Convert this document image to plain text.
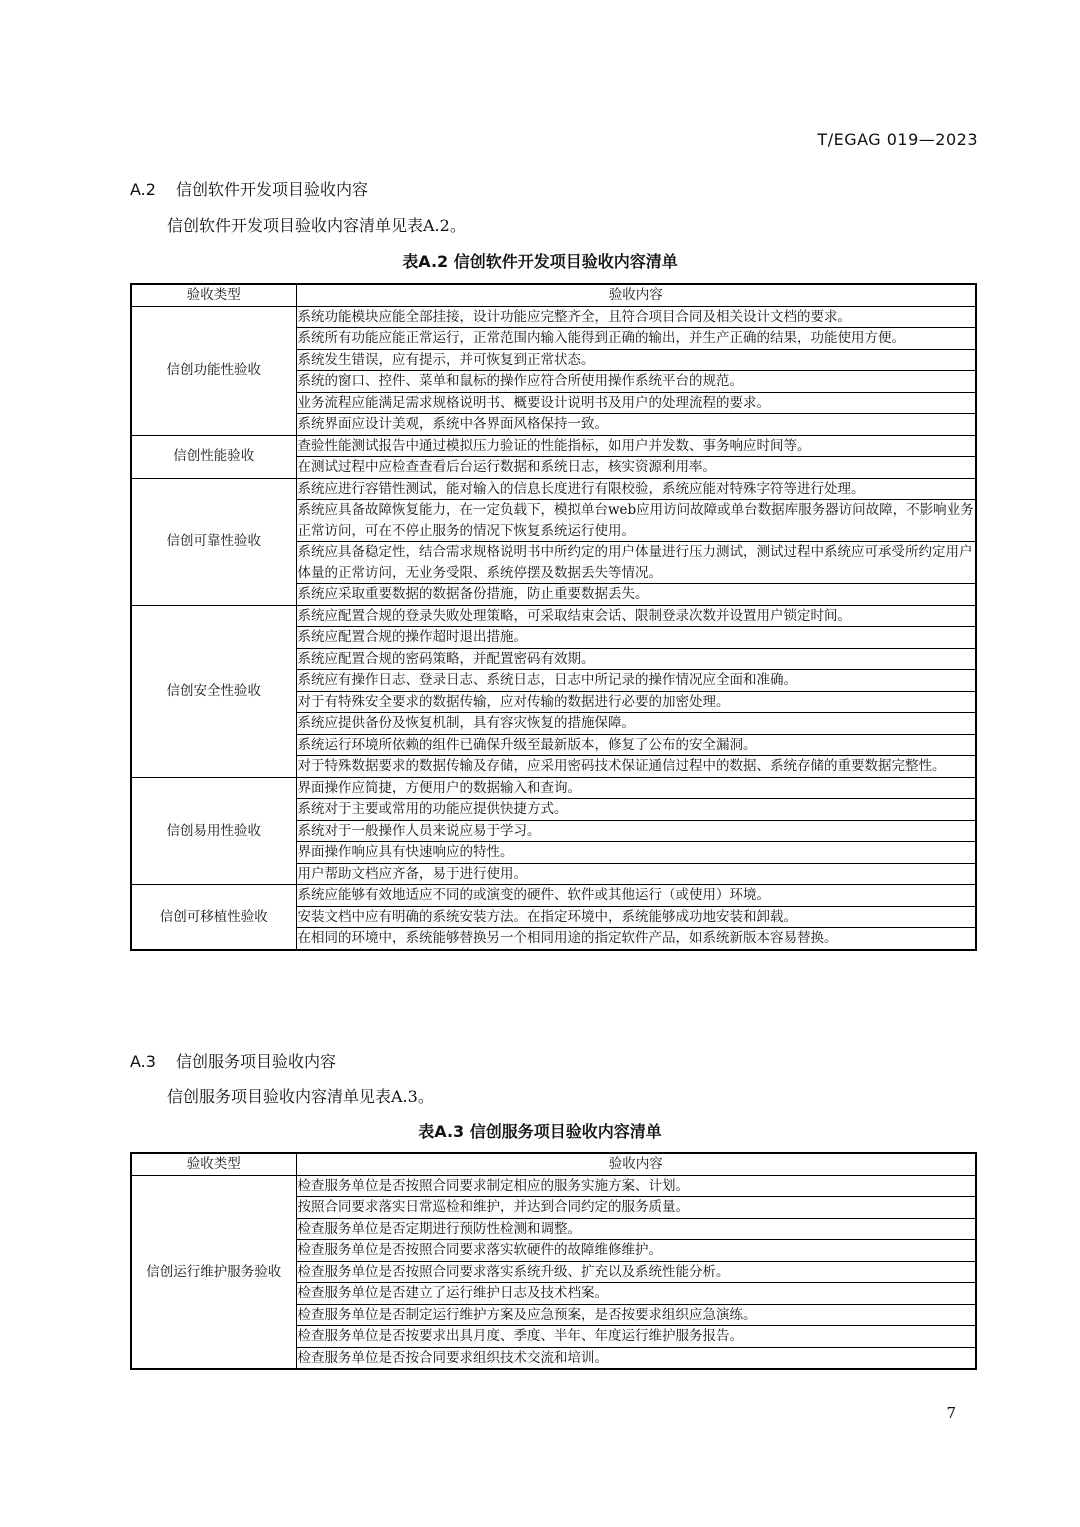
T/EGAG 019—2023
A.2 信创软件开发项目验收内容
信创软件开发项目验收内容清单见表A.2。
表A.2 信创软件开发项目验收内容清单
验收类型	验收内容
信创功能性验收	系统功能模块应能全部挂接，设计功能应完整齐全，且符合项目合同及相关设计文档的要求。
	系统所有功能应能正常运行，正常范围内输入能得到正确的输出，并生产正确的结果，功能使用方便。
	系统发生错误，应有提示，并可恢复到正常状态。
	系统的窗口、控件、菜单和鼠标的操作应符合所使用操作系统平台的规范。
	业务流程应能满足需求规格说明书、概要设计说明书及用户的处理流程的要求。
	系统界面应设计美观，系统中各界面风格保持一致。
信创性能验收	查验性能测试报告中通过模拟压力验证的性能指标，如用户并发数、事务响应时间等。
	在测试过程中应检查查看后台运行数据和系统日志，核实资源利用率。
信创可靠性验收	系统应进行容错性测试，能对输入的信息长度进行有限校验，系统应能对特殊字符等进行处理。
	系统应具备故障恢复能力，在一定负载下，模拟单台web应用访问故障或单台数据库服务器访问故障，不影响业务正常访问，可在不停止服务的情况下恢复系统运行使用。
	系统应具备稳定性，结合需求规格说明书中所约定的用户体量进行压力测试，测试过程中系统应可承受所约定用户体量的正常访问，无业务受限、系统停摆及数据丢失等情况。
	系统应采取重要数据的数据备份措施，防止重要数据丢失。
信创安全性验收	系统应配置合规的登录失败处理策略，可采取结束会话、限制登录次数并设置用户锁定时间。
	系统应配置合规的操作超时退出措施。
	系统应配置合规的密码策略，并配置密码有效期。
	系统应有操作日志、登录日志、系统日志，日志中所记录的操作情况应全面和准确。
	对于有特殊安全要求的数据传输，应对传输的数据进行必要的加密处理。
	系统应提供备份及恢复机制，具有容灾恢复的措施保障。
	系统运行环境所依赖的组件已确保升级至最新版本，修复了公布的安全漏洞。
	对于特殊数据要求的数据传输及存储，应采用密码技术保证通信过程中的数据、系统存储的重要数据完整性。
信创易用性验收	界面操作应简捷，方便用户的数据输入和查询。
	系统对于主要或常用的功能应提供快捷方式。
	系统对于一般操作人员来说应易于学习。
	界面操作响应具有快速响应的特性。
	用户帮助文档应齐备，易于进行使用。
信创可移植性验收	系统应能够有效地适应不同的或演变的硬件、软件或其他运行（或使用）环境。
	安装文档中应有明确的系统安装方法。在指定环境中，系统能够成功地安装和卸载。
	在相同的环境中，系统能够替换另一个相同用途的指定软件产品，如系统新版本容易替换。
A.3 信创服务项目验收内容
信创服务项目验收内容清单见表A.3。
表A.3 信创服务项目验收内容清单
验收类型	验收内容
信创运行维护服务验收	检查服务单位是否按照合同要求制定相应的服务实施方案、计划。
	按照合同要求落实日常巡检和维护，并达到合同约定的服务质量。
	检查服务单位是否定期进行预防性检测和调整。
	检查服务单位是否按照合同要求落实软硬件的故障维修维护。
	检查服务单位是否按照合同要求落实系统升级、扩充以及系统性能分析。
	检查服务单位是否建立了运行维护日志及技术档案。
	检查服务单位是否制定运行维护方案及应急预案，是否按要求组织应急演练。
	检查服务单位是否按要求出具月度、季度、半年、年度运行维护服务报告。
	检查服务单位是否按合同要求组织技术交流和培训。
7
